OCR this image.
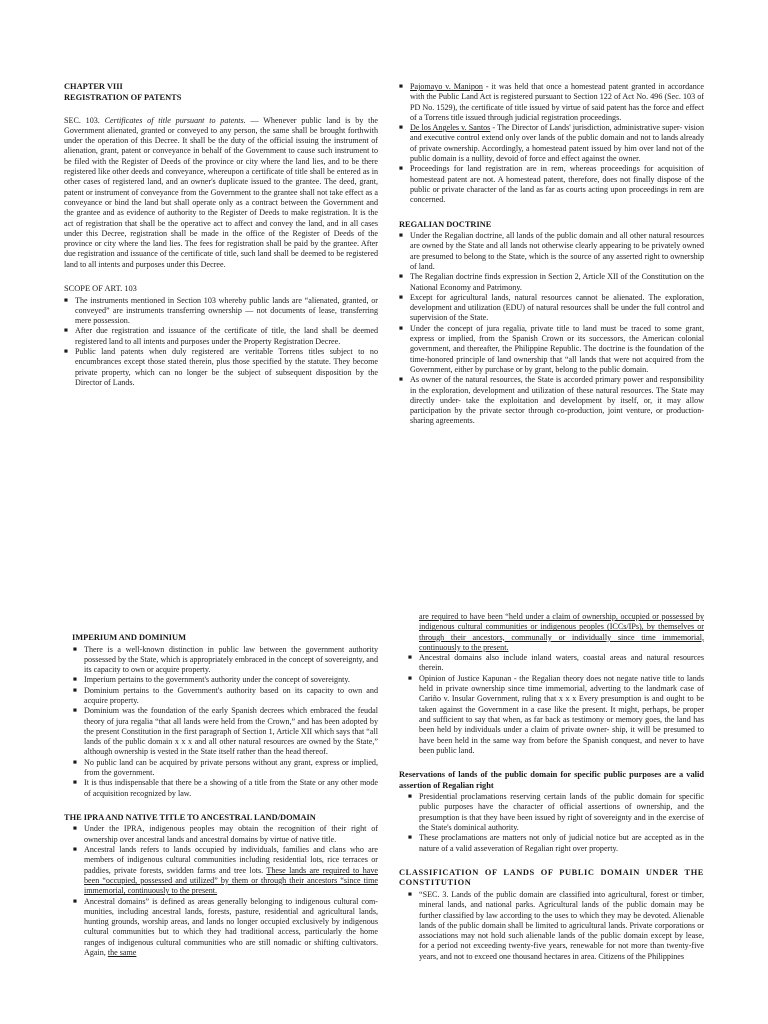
CHAPTER VIII
REGISTRATION OF PATENTS

SEC. 103. Certificates of title pursuant to patents. — Whenever public land is by the Government alienated, granted or conveyed to any person, the same shall be brought forthwith under the operation of this Decree. It shall be the duty of the official issuing the instrument of alienation, grant, patent or conveyance in behalf of the Government to cause such instrument to be filed with the Register of Deeds of the province or city where the land lies, and to be there registered like other deeds and conveyance, whereupon a certificate of title shall be entered as in other cases of registered land, and an owner's duplicate issued to the grantee. The deed, grant, patent or instrument of conveyance from the Government to the grantee shall not take effect as a conveyance or bind the land but shall operate only as a contract between the Government and the grantee and as evidence of authority to the Register of Deeds to make registration. It is the act of registration that shall be the operative act to affect and convey the land, and in all cases under this Decree, registration shall be made in the office of the Register of Deeds of the province or city where the land lies. The fees for registration shall be paid by the grantee. After due registration and issuance of the certificate of title, such land shall be deemed to be registered land to all intents and purposes under this Decree.

SCOPE OF ART. 103
■ The instruments mentioned in Section 103 whereby public lands are “alienated, granted, or conveyed” are instruments transferring ownership — not documents of lease, transferring mere possession.
■ After due registration and issuance of the certificate of title, the land shall be deemed registered land to all intents and purposes under the Property Registration Decree.
■ Public land patents when duly registered are veritable Torrens titles subject to no encumbrances except those stated therein, plus those specified by the statute. They become private property, which can no longer be the subject of subsequent disposition by the Director of Lands.
■ Pajomayo v. Manipon - it was held that once a homestead patent granted in accordance with the Public Land Act is registered pursuant to Section 122 of Act No. 496 (Sec. 103 of PD No. 1529), the certificate of title issued by virtue of said patent has the force and effect of a Torrens title issued through judicial registration proceedings.
■ De los Angeles v. Santos - The Director of Lands' jurisdiction, administrative super- vision and executive control extend only over lands of the public domain and not to lands already of private ownership. Accordingly, a homestead patent issued by him over land not of the public domain is a nullity, devoid of force and effect against the owner.
■ Proceedings for land registration are in rem, whereas proceedings for acquisition of homestead patent are not. A homestead patent, therefore, does not finally dispose of the public or private character of the land as far as courts acting upon proceedings in rem are concerned.
REGALIAN DOCTRINE
■ Under the Regalian doctrine, all lands of the public domain and all other natural resources are owned by the State and all lands not otherwise clearly appearing to be privately owned are presumed to belong to the State, which is the source of any asserted right to ownership of land.
■ The Regalian doctrine finds expression in Section 2, Article XII of the Constitution on the National Economy and Patrimony.
■ Except for agricultural lands, natural resources cannot be alienated. The exploration, development and utilization (EDU) of natural resources shall be under the full control and supervision of the State.
■ Under the concept of jura regalia, private title to land must be traced to some grant, express or implied, from the Spanish Crown or its successors, the American colonial government, and thereafter, the Philippine Republic. The doctrine is the foundation of the time-honored principle of land ownership that “all lands that were not acquired from the Government, either by purchase or by grant, belong to the public domain.
■ As owner of the natural resources, the State is accorded primary power and responsibility in the exploration, development and utilization of these natural resources. The State may directly under- take the exploitation and development by itself, or, it may allow participation by the private sector through co-production, joint venture, or production-sharing agreements.
IMPERIUM AND DOMINIUM
■ There is a well-known distinction in public law between the government authority possessed by the State, which is appropriately embraced in the concept of sovereignty, and its capacity to own or acquire property.
■ Imperium pertains to the government's authority under the concept of sovereignty.
■ Dominium pertains to the Government's authority based on its capacity to own and acquire property.
■ Dominium was the foundation of the early Spanish decrees which embraced the feudal theory of jura regalia “that all lands were held from the Crown,” and has been adopted by the present Constitution in the first paragraph of Section 1, Article XII which says that “all lands of the public domain x x x and all other natural resources are owned by the State,” although ownership is vested in the State itself rather than the head thereof.
■ No public land can be acquired by private persons without any grant, express or implied, from the government.
■ It is thus indispensable that there be a showing of a title from the State or any other mode of acquisition recognized by law.
THE IPRA AND NATIVE TITLE TO ANCESTRAL LAND/DOMAIN
■ Under the IPRA, indigenous peoples may obtain the recognition of their right of ownership over ancestral lands and ancestral domains by virtue of native title.
■ Ancestral lands refers to lands occupied by individuals, families and clans who are members of indigenous cultural communities including residential lots, rice terraces or paddies, private forests, swidden farms and tree lots. These lands are required to have been “occupied, possessed and utilized” by them or through their ancestors “since time immemorial, continuously to the present.
■ Ancestral domains” is defined as areas generally belonging to indigenous cultural com- munities, including ancestral lands, forests, pasture, residential and agricultural lands, hunting grounds, worship areas, and lands no longer occupied exclusively by indigenous cultural communities but to which they had traditional access, particularly the home ranges of indigenous cultural communities who are still nomadic or shifting cultivators. Again, the same
are required to have been “held under a claim of ownership, occupied or possessed by indigenous cultural communities or indigenous peoples (ICCs/IPs), by themselves or through their ancestors, communally or individually since time immemorial, continuously to the present.
■ Ancestral domains also include inland waters, coastal areas and natural resources therein.
■ Opinion of Justice Kapunan - the Regalian theory does not negate native title to lands held in private ownership since time immemorial, adverting to the landmark case of Cariño v. Insular Government, ruling that x x x Every presumption is and ought to be taken against the Government in a case like the present. It might, perhaps, be proper and sufficient to say that when, as far back as testimony or memory goes, the land has been held by individuals under a claim of private owner- ship, it will be presumed to have been held in the same way from before the Spanish conquest, and never to have been public land.
Reservations of lands of the public domain for specific public purposes are a valid assertion of Regalian right
■ Presidential proclamations reserving certain lands of the public domain for specific public purposes have the character of official assertions of ownership, and the presumption is that they have been issued by right of sovereignty and in the exercise of the State's dominical authority.
■ These proclamations are matters not only of judicial notice but are accepted as in the nature of a valid asseveration of Regalian right over property.
CLASSIFICATION OF LANDS OF PUBLIC DOMAIN UNDER THE CONSTITUTION
■ “SEC. 3. Lands of the public domain are classified into agricultural, forest or timber, mineral lands, and national parks. Agricultural lands of the public domain may be further classified by law according to the uses to which they may be devoted. Alienable lands of the public domain shall be limited to agricultural lands. Private corporations or associations may not hold such alienable lands of the public domain except by lease, for a period not exceeding twenty-five years, renewable for not more than twenty-five years, and not to exceed one thousand hectares in area. Citizens of the Philippines
